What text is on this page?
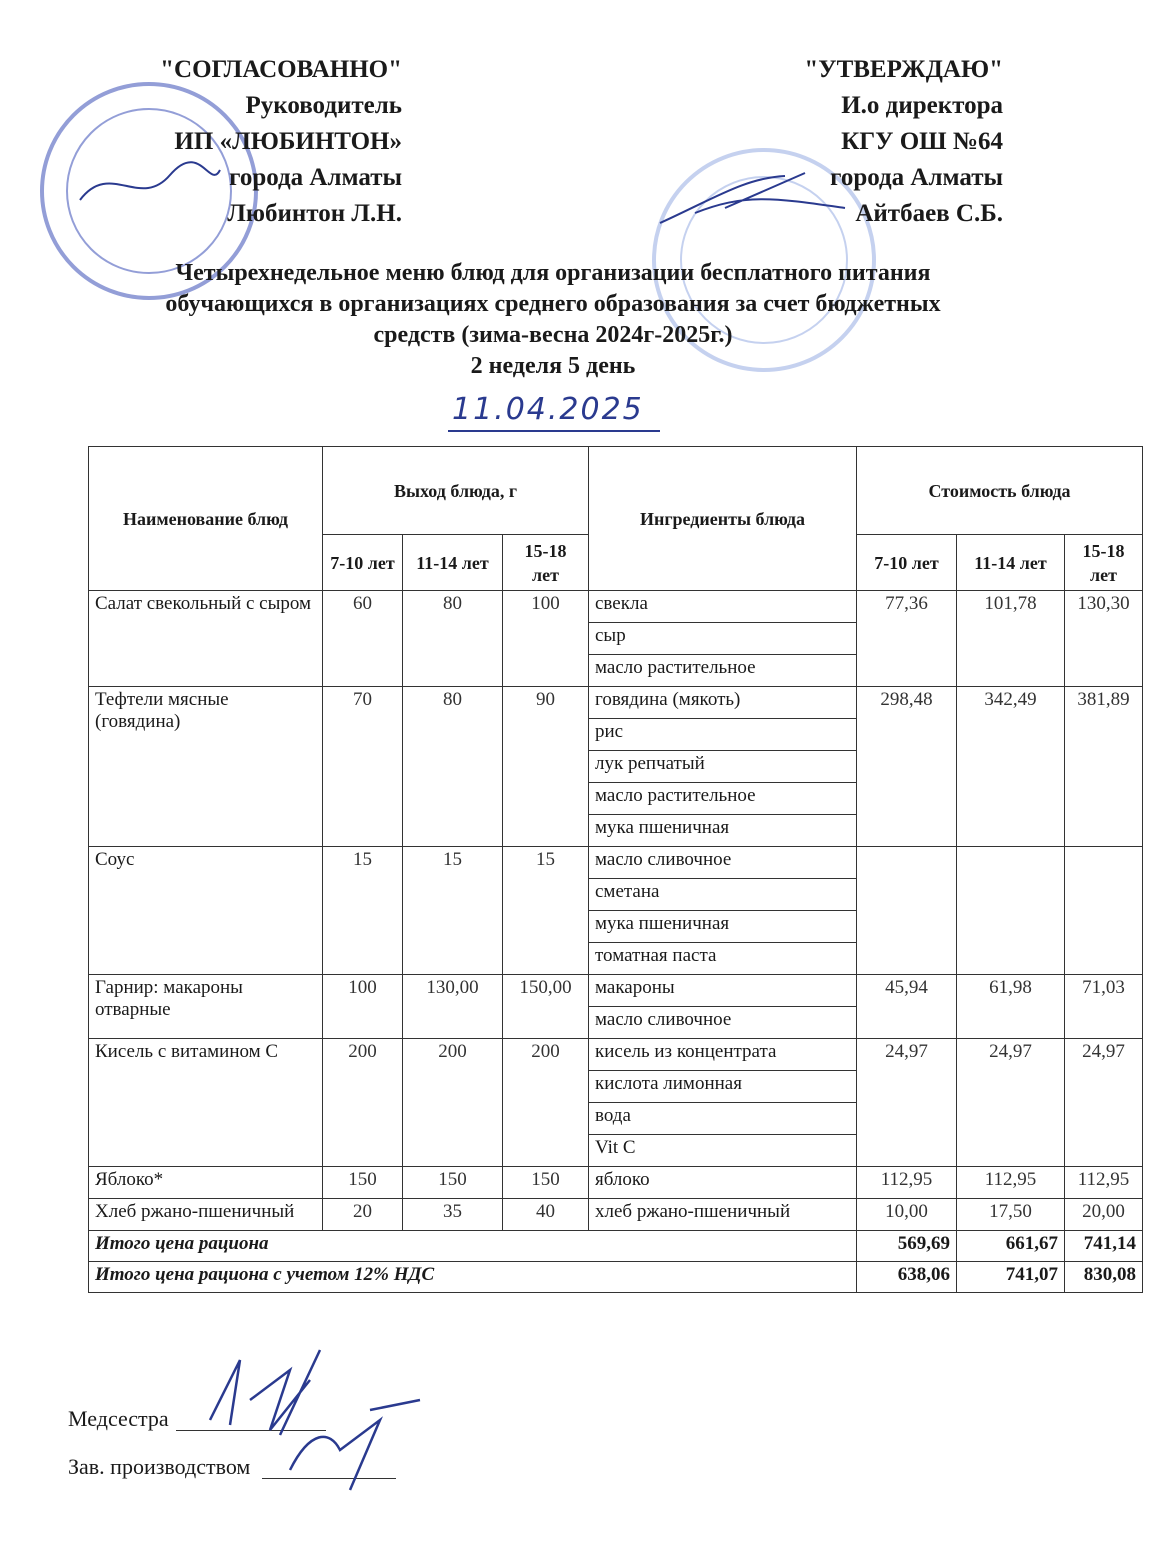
"СОГЛАСОВАННО"
Руководитель
ИП «ЛЮБИНТОН»
города Алматы
Любинтон Л.Н.
"УТВЕРЖДАЮ"
И.о директора
КГУ ОШ №64
города Алматы
Айтбаев С.Б.
Четырехнедельное меню блюд для организации бесплатного питания
обучающихся в организациях среднего образования за счет бюджетных
средств (зима-весна 2024г-2025г.)
2 неделя 5 день
11.04.2025
Наименование блюд	Выход блюда, г			Ингредиенты блюда	Стоимость блюда		
	7-10 лет	11-14 лет	15-18 лет		7-10 лет	11-14 лет	15-18 лет
Салат свекольный с сыром	60	80	100	свекла	77,36	101,78	130,30
				сыр			
				масло растительное			
Тефтели мясные (говядина)	70	80	90	говядина (мякоть)	298,48	342,49	381,89
				рис			
				лук репчатый			
				масло растительное			
				мука пшеничная			
Соус	15	15	15	масло сливочное			
				сметана			
				мука пшеничная			
				томатная паста			
Гарнир: макароны отварные	100	130,00	150,00	макароны	45,94	61,98	71,03
				масло сливочное			
Кисель с витамином С	200	200	200	кисель из концентрата	24,97	24,97	24,97
				кислота лимонная			
				вода			
				Vit C			
Яблоко*	150	150	150	яблоко	112,95	112,95	112,95
Хлеб ржано-пшеничный	20	35	40	хлеб ржано-пшеничный	10,00	17,50	20,00
Итого цена рациона					569,69	661,67	741,14
Итого цена рациона с учетом 12% НДС					638,06	741,07	830,08
Медсестра
Зав. производством
